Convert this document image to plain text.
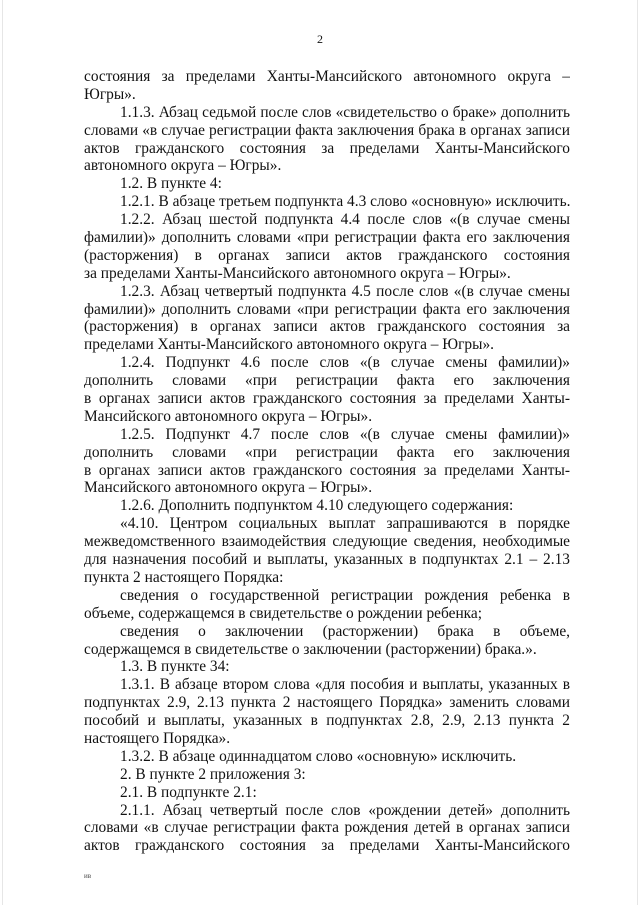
2
состояния за пределами Ханты-Мансийского автономного округа –
Югры».
1.1.3. Абзац седьмой после слов «свидетельство о браке» дополнить
словами «в случае регистрации факта заключения брака в органах записи
актов гражданского состояния за пределами Ханты-Мансийского
автономного округа – Югры».
1.2. В пункте 4:
1.2.1. В абзаце третьем подпункта 4.3 слово «основную» исключить.
1.2.2. Абзац шестой подпункта 4.4 после слов «(в случае смены
фамилии)» дополнить словами «при регистрации факта его заключения
(расторжения) в органах записи актов гражданского состояния
за пределами Ханты-Мансийского автономного округа – Югры».
1.2.3. Абзац четвертый подпункта 4.5 после слов «(в случае смены
фамилии)» дополнить словами «при регистрации факта его заключения
(расторжения) в органах записи актов гражданского состояния за
пределами Ханты-Мансийского автономного округа – Югры».
1.2.4. Подпункт 4.6 после слов «(в случае смены фамилии)»
дополнить словами «при регистрации факта его заключения
в органах записи актов гражданского состояния за пределами Ханты-
Мансийского автономного округа – Югры».
1.2.5. Подпункт 4.7 после слов «(в случае смены фамилии)»
дополнить словами «при регистрации факта его заключения
в органах записи актов гражданского состояния за пределами Ханты-
Мансийского автономного округа – Югры».
1.2.6. Дополнить подпунктом 4.10 следующего содержания:
«4.10. Центром социальных выплат запрашиваются в порядке
межведомственного взаимодействия следующие сведения, необходимые
для назначения пособий и выплаты, указанных в подпунктах 2.1 – 2.13
пункта 2 настоящего Порядка:
сведения о государственной регистрации рождения ребенка в
объеме, содержащемся в свидетельстве о рождении ребенка;
сведения о заключении (расторжении) брака в объеме,
содержащемся в свидетельстве о заключении (расторжении) брака.».
1.3. В пункте 34:
1.3.1. В абзаце втором слова «для пособия и выплаты, указанных в
подпунктах 2.9, 2.13 пункта 2 настоящего Порядка» заменить словами
пособий и выплаты, указанных в подпунктах 2.8, 2.9, 2.13 пункта 2
настоящего Порядка».
1.3.2. В абзаце одиннадцатом слово «основную» исключить.
2. В пункте 2 приложения 3:
2.1. В подпункте 2.1:
2.1.1. Абзац четвертый после слов «рождении детей» дополнить
словами «в случае регистрации факта рождения детей в органах записи
актов гражданского состояния за пределами Ханты-Мансийского
ив
